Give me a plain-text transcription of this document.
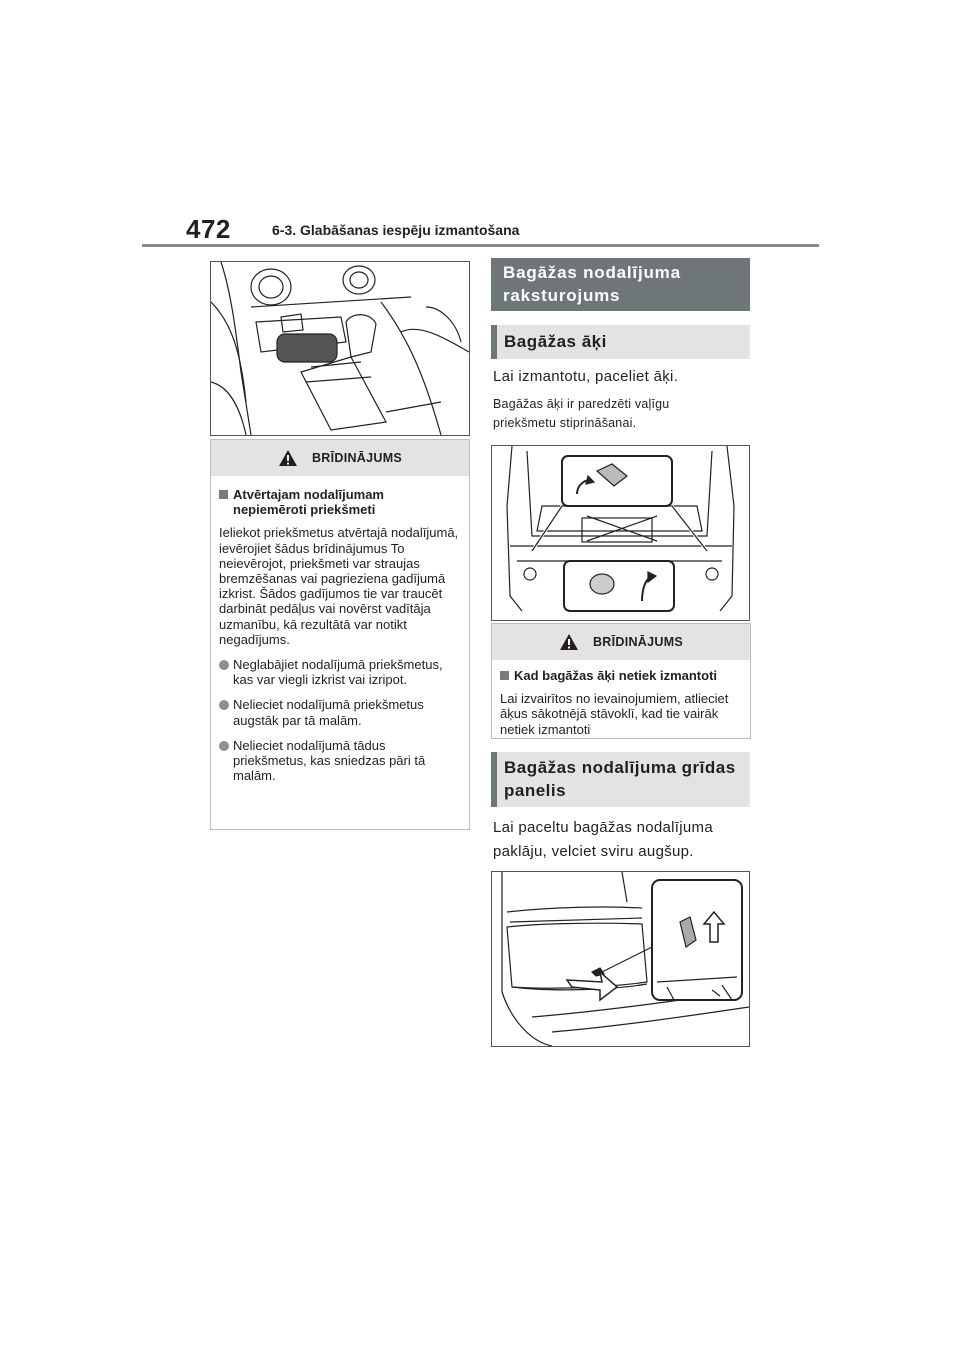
472	6-3. Glabāšanas iespēju izmantošana
BRĪDINĀJUMS
Atvērtajam nodalījumam nepiemēroti priekšmeti
Ieliekot priekšmetus atvērtajā nodalījumā, ievērojiet šādus brīdinājumus To neievērojot, priekšmeti var straujas bremzēšanas vai pagrieziena gadījumā izkrist. Šādos gadījumos tie var traucēt darbināt pedāļus vai novērst vadītāja uzmanību, kā rezultātā var notikt negadījums.
Neglabājiet nodalījumā priekšmetus, kas var viegli izkrist vai izripot.
Nelieciet nodalījumā priekšmetus augstāk par tā malām.
Nelieciet nodalījumā tādus priekšmetus, kas sniedzas pāri tā malām.
Bagāžas nodalījuma raksturojums
Bagāžas āķi
Lai izmantotu, paceliet āķi.
Bagāžas āķi ir paredzēti vaļīgu priekšmetu stiprināšanai.
BRĪDINĀJUMS
Kad bagāžas āķi netiek izmantoti
Lai izvairītos no ievainojumiem, atlieciet āķus sākotnējā stāvoklī, kad tie vairāk netiek izmantoti
Bagāžas nodalījuma grīdas panelis
Lai paceltu bagāžas nodalījuma paklāju, velciet sviru augšup.
